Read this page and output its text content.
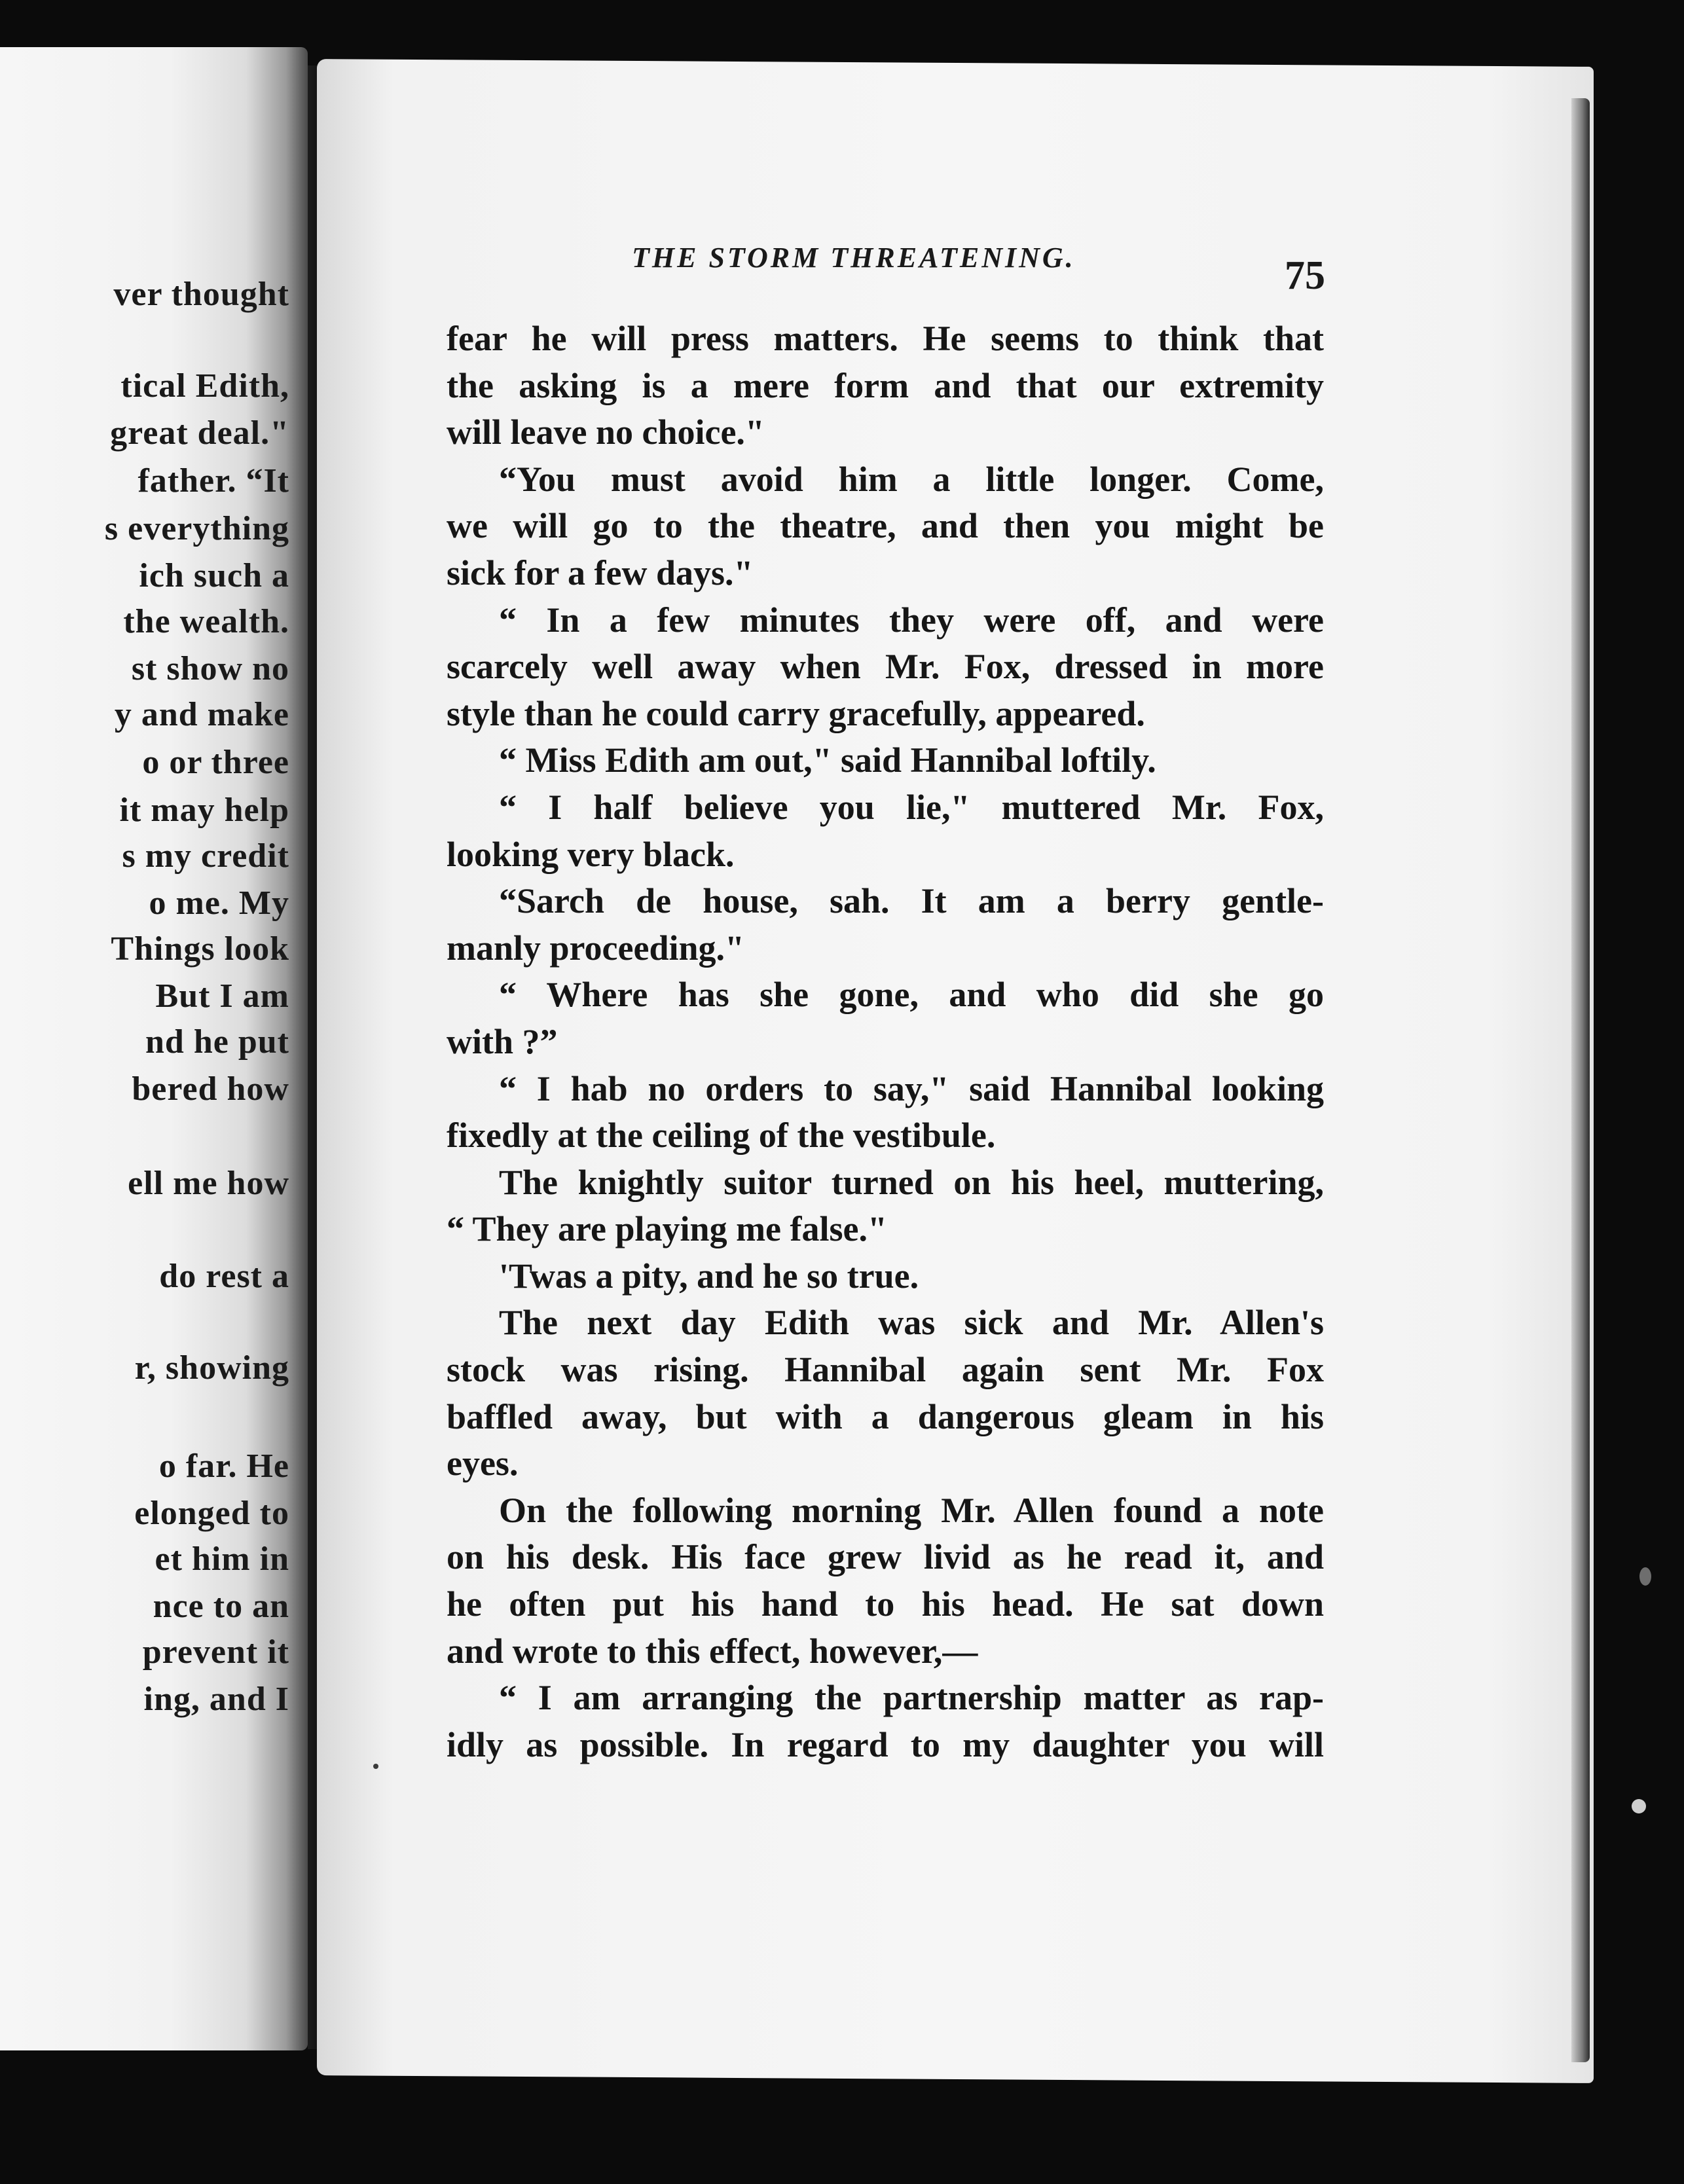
ver thought
tical Edith,
great deal."
father. “It
s everything
ich such a
the wealth.
st show no
y and make
o or three
it may help
s my credit
o me. My
Things look
But I am
nd he put
bered how
ell me how
do rest a
r, showing
o far. He
elonged to
et him in
nce to an
prevent it
ing, and I
THE STORM THREATENING.	75
fear he will press matters. He seems to think that
the asking is a mere form and that our extremity
will leave no choice."
“You must avoid him a little longer. Come,
we will go to the theatre, and then you might be
sick for a few days."
“ In a few minutes they were off, and were
scarcely well away when Mr. Fox, dressed in more
style than he could carry gracefully, appeared.
“ Miss Edith am out," said Hannibal loftily.
“ I half believe you lie," muttered Mr. Fox,
looking very black.
“Sarch de house, sah. It am a berry gentle-
manly proceeding."
“ Where has she gone, and who did she go
with ?”
“ I hab no orders to say," said Hannibal looking
fixedly at the ceiling of the vestibule.
The knightly suitor turned on his heel, muttering,
“ They are playing me false."
'Twas a pity, and he so true.
The next day Edith was sick and Mr. Allen's
stock was rising. Hannibal again sent Mr. Fox
baffled away, but with a dangerous gleam in his
eyes.
On the following morning Mr. Allen found a note
on his desk. His face grew livid as he read it, and
he often put his hand to his head. He sat down
and wrote to this effect, however,—
“ I am arranging the partnership matter as rap-
idly as possible. In regard to my daughter you will
